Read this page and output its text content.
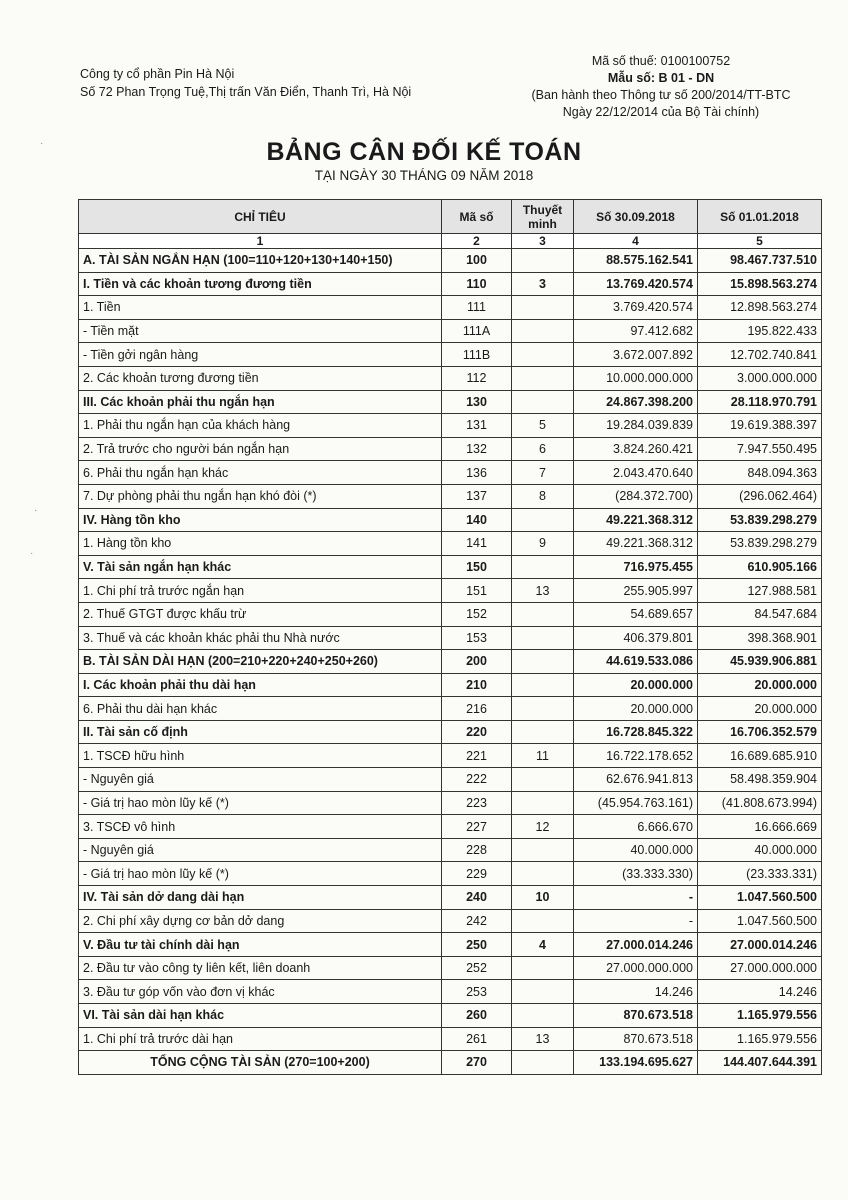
Công ty cổ phần Pin Hà Nội
Số 72 Phan Trọng Tuệ,Thị trấn Văn Điển, Thanh Trì, Hà Nội
Mã số thuế: 0100100752
Mẫu số: B 01 - DN
(Ban hành theo Thông tư số 200/2014/TT-BTC
Ngày 22/12/2014 của Bộ Tài chính)
BẢNG CÂN ĐỐI KẾ TOÁN
TẠI NGÀY 30 THÁNG 09 NĂM 2018
CHỈ TIÊU	Mã số	Thuyết minh	Số 30.09.2018	Số 01.01.2018
1	2	3	4	5
A. TÀI SẢN NGẮN HẠN (100=110+120+130+140+150)	100		88.575.162.541	98.467.737.510
I. Tiền và các khoản tương đương tiền	110	3	13.769.420.574	15.898.563.274
1. Tiền	111		3.769.420.574	12.898.563.274
- Tiền mặt	111A		97.412.682	195.822.433
- Tiền gởi ngân hàng	111B		3.672.007.892	12.702.740.841
2. Các khoản tương đương tiền	112		10.000.000.000	3.000.000.000
III. Các khoản phải thu ngắn hạn	130		24.867.398.200	28.118.970.791
1. Phải thu ngắn hạn của khách hàng	131	5	19.284.039.839	19.619.388.397
2. Trả trước cho người bán ngắn hạn	132	6	3.824.260.421	7.947.550.495
6. Phải thu ngắn hạn khác	136	7	2.043.470.640	848.094.363
7. Dự phòng phải thu ngắn hạn khó đòi (*)	137	8	(284.372.700)	(296.062.464)
IV. Hàng tồn kho	140		49.221.368.312	53.839.298.279
1. Hàng tồn kho	141	9	49.221.368.312	53.839.298.279
V. Tài sản ngắn hạn khác	150		716.975.455	610.905.166
1. Chi phí trả trước ngắn hạn	151	13	255.905.997	127.988.581
2. Thuế GTGT được khấu trừ	152		54.689.657	84.547.684
3. Thuế và các khoản khác phải thu Nhà nước	153		406.379.801	398.368.901
B. TÀI SẢN DÀI HẠN (200=210+220+240+250+260)	200		44.619.533.086	45.939.906.881
I. Các khoản phải thu dài hạn	210		20.000.000	20.000.000
6. Phải thu dài hạn khác	216		20.000.000	20.000.000
II. Tài sản cố định	220		16.728.845.322	16.706.352.579
1. TSCĐ hữu hình	221	11	16.722.178.652	16.689.685.910
- Nguyên giá	222		62.676.941.813	58.498.359.904
- Giá trị hao mòn lũy kế (*)	223		(45.954.763.161)	(41.808.673.994)
3. TSCĐ vô hình	227	12	6.666.670	16.666.669
- Nguyên giá	228		40.000.000	40.000.000
- Giá trị hao mòn lũy kế (*)	229		(33.333.330)	(23.333.331)
IV. Tài sản dở dang dài hạn	240	10	-	1.047.560.500
2. Chi phí xây dựng cơ bản dở dang	242		-	1.047.560.500
V. Đầu tư tài chính dài hạn	250	4	27.000.014.246	27.000.014.246
2. Đầu tư vào công ty liên kết, liên doanh	252		27.000.000.000	27.000.000.000
3. Đầu tư góp vốn vào đơn vị khác	253		14.246	14.246
VI. Tài sản dài hạn khác	260		870.673.518	1.165.979.556
1. Chi phí trả trước dài hạn	261	13	870.673.518	1.165.979.556
TỔNG CỘNG TÀI SẢN (270=100+200)	270		133.194.695.627	144.407.644.391
·
·
·
